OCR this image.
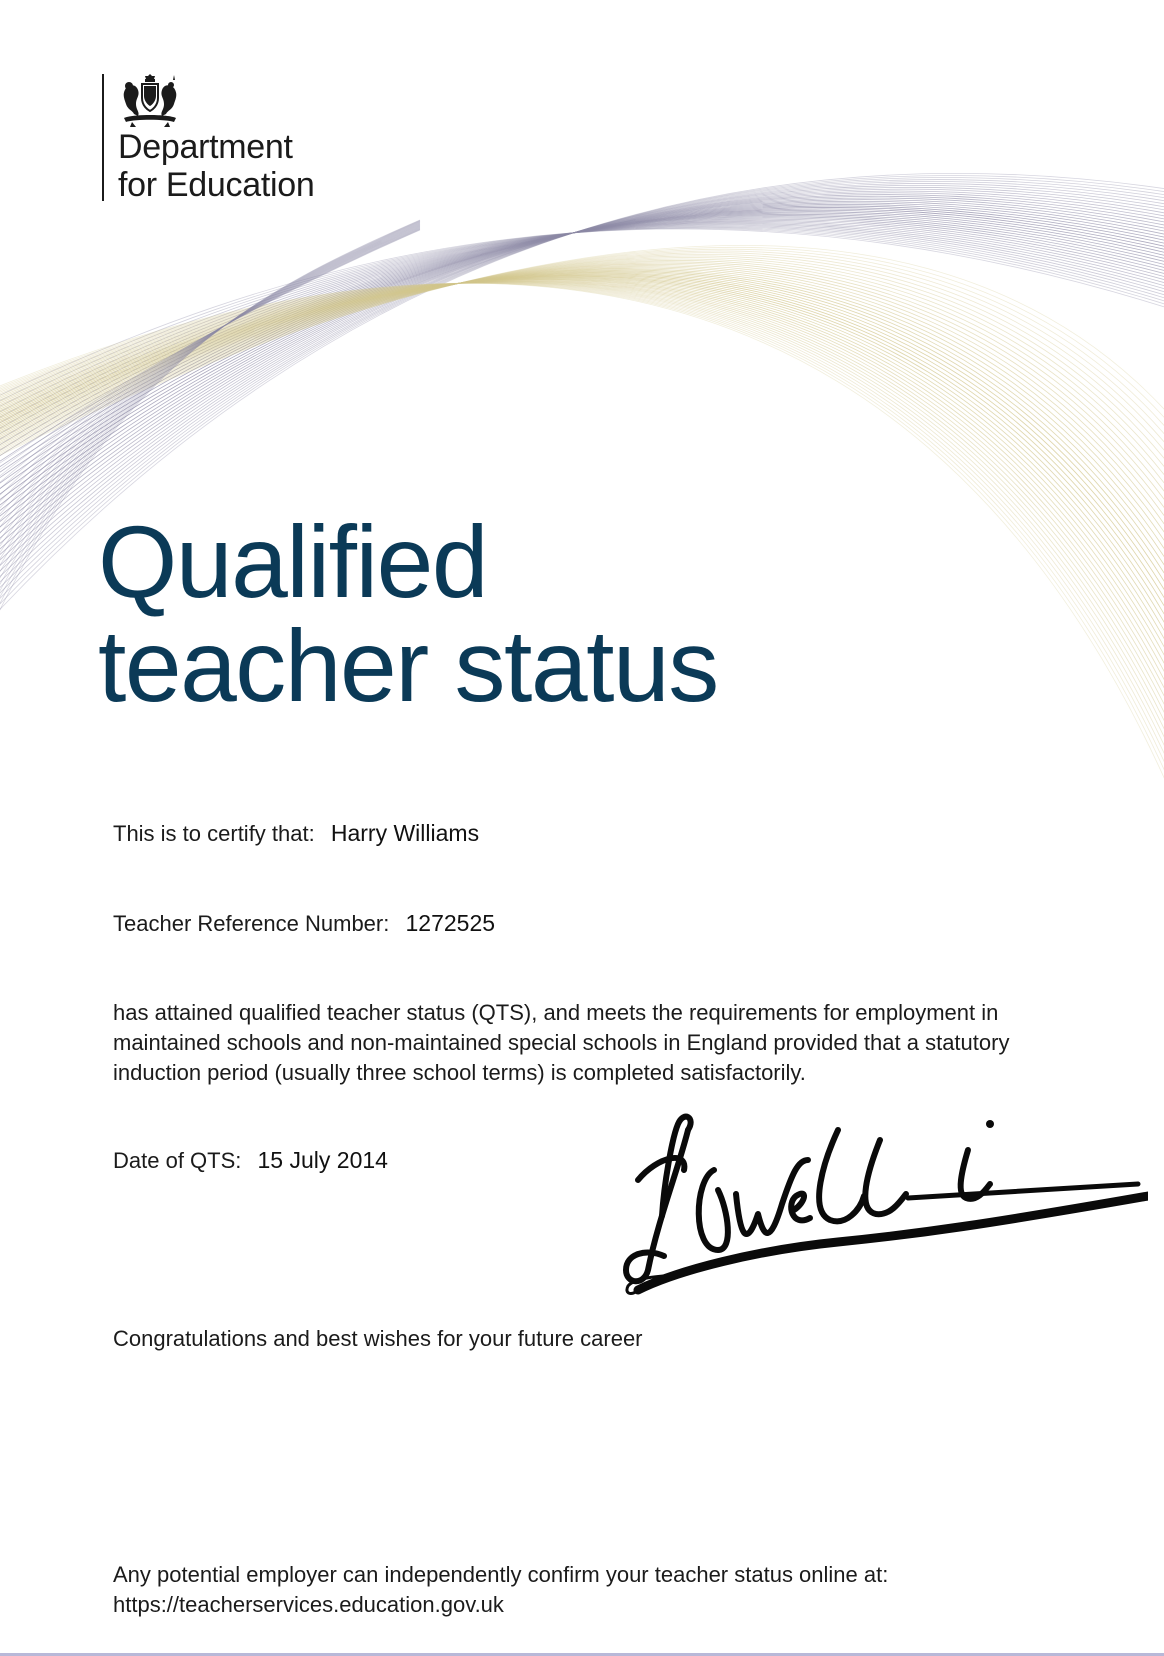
Department
for Education
Qualified
teacher status
This is to certify that: Harry Williams
Teacher Reference Number: 1272525
has attained qualified teacher status (QTS), and meets the requirements for employment in
maintained schools and non-maintained special schools in England provided that a statutory
induction period (usually three school terms) is completed satisfactorily.
Date of QTS: 15 July 2014
Congratulations and best wishes for your future career
Any potential employer can independently confirm your teacher status online at:
https://teacherservices.education.gov.uk
